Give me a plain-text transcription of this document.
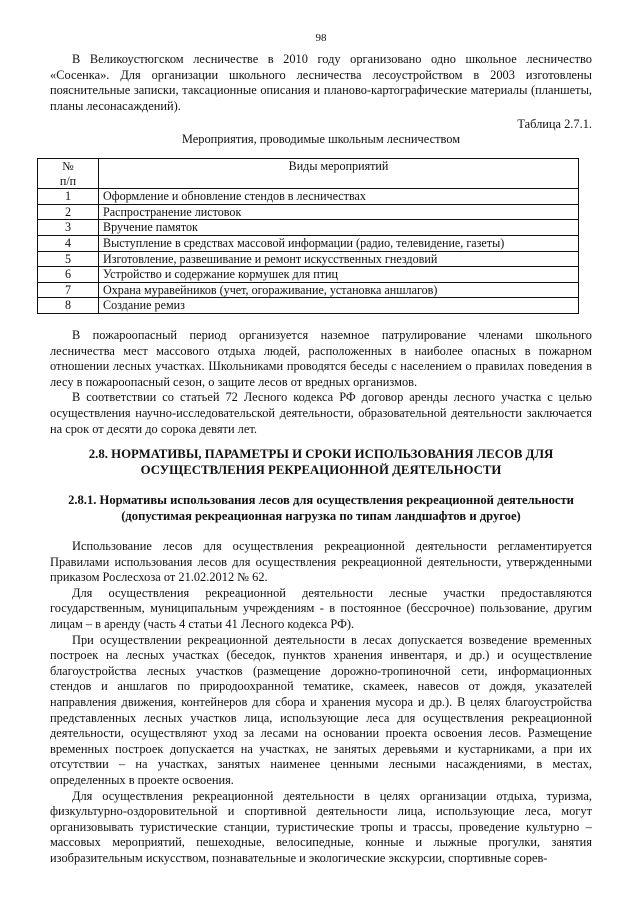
98

В Великоустюгском лесничестве в 2010 году организовано одно школьное лесничество «Сосенка». Для организации школьного лесничества лесоустройством в 2003 изготовлены пояснительные записки, таксационные описания и планово-картографические материалы (планшеты, планы лесонасаждений).

Таблица 2.7.1.
Мероприятия, проводимые школьным лесничеством
№
п/п	Виды мероприятий
1	Оформление и обновление стендов в лесничествах
2	Распространение листовок
3	Вручение памяток
4	Выступление в средствах массовой информации (радио, телевидение, газеты)
5	Изготовление, развешивание и ремонт искусственных гнездовий
6	Устройство и содержание кормушек для птиц
7	Охрана муравейников (учет, огораживание, установка аншлагов)
8	Создание ремиз

В пожароопасный период организуется наземное патрулирование членами школьного лесничества мест массового отдыха людей, расположенных в наиболее опасных в пожарном отношении лесных участках. Школьниками проводятся беседы с населением о правилах поведения в лесу в пожароопасный сезон, о защите лесов от вредных организмов.

В соответствии со статьей 72 Лесного кодекса РФ договор аренды лесного участка с целью осуществления научно-исследовательской деятельности, образовательной деятельности заключается на срок от десяти до сорока девяти лет.

2.8. НОРМАТИВЫ, ПАРАМЕТРЫ И СРОКИ ИСПОЛЬЗОВАНИЯ ЛЕСОВ ДЛЯ ОСУЩЕСТВЛЕНИЯ РЕКРЕАЦИОННОЙ ДЕЯТЕЛЬНОСТИ
2.8.1. Нормативы использования лесов для осуществления рекреационной деятельности (допустимая рекреационная нагрузка по типам ландшафтов и другое)

Использование лесов для осуществления рекреационной деятельности регламентируется Правилами использования лесов для осуществления рекреационной деятельности, утвержденными приказом Рослесхоза от 21.02.2012 № 62.

Для осуществления рекреационной деятельности лесные участки предоставляются государственным, муниципальным учреждениям - в постоянное (бессрочное) пользование, другим лицам – в аренду (часть 4 статьи 41 Лесного кодекса РФ).

При осуществлении рекреационной деятельности в лесах допускается возведение временных построек на лесных участках (беседок, пунктов хранения инвентаря, и др.) и осуществление благоустройства лесных участков (размещение дорожно-тропиночной сети, информационных стендов и аншлагов по природоохранной тематике, скамеек, навесов от дождя, указателей направления движения, контейнеров для сбора и хранения мусора и др.). В целях благоустройства представленных лесных участков лица, использующие леса для осуществления рекреационной деятельности, осуществляют уход за лесами на основании проекта освоения лесов. Размещение временных построек допускается на участках, не занятых деревьями и кустарниками, а при их отсутствии – на участках, занятых наименее ценными лесными насаждениями, в местах, определенных в проекте освоения.

Для осуществления рекреационной деятельности в целях организации отдыха, туризма, физкультурно-оздоровительной и спортивной деятельности лица, использующие леса, могут организовывать туристические станции, туристические тропы и трассы, проведение культурно – массовых мероприятий, пешеходные, велосипедные, конные и лыжные прогулки, занятия изобразительным искусством, познавательные и экологические экскурсии, спортивные сорев-
